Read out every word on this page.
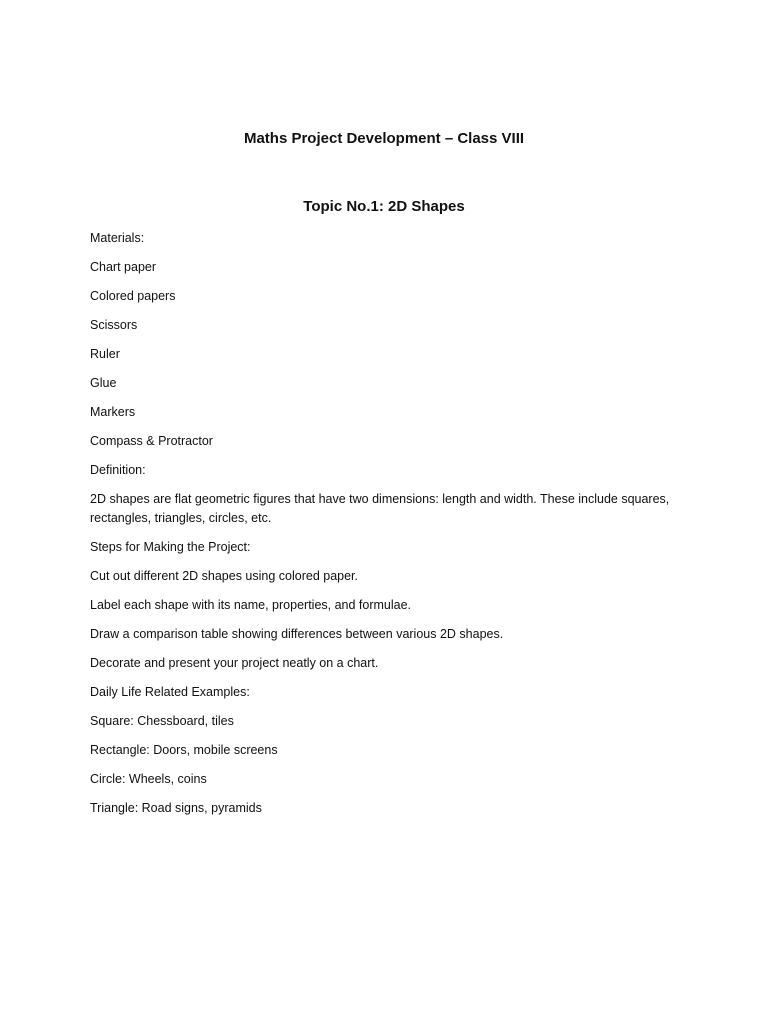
Maths Project Development – Class VIII
Topic No.1: 2D Shapes

Materials:

Chart paper

Colored papers

Scissors

Ruler

Glue

Markers

Compass & Protractor

Definition:

2D shapes are flat geometric figures that have two dimensions: length and width. These include squares, rectangles, triangles, circles, etc.

Steps for Making the Project:

Cut out different 2D shapes using colored paper.

Label each shape with its name, properties, and formulae.

Draw a comparison table showing differences between various 2D shapes.

Decorate and present your project neatly on a chart.

Daily Life Related Examples:

Square: Chessboard, tiles

Rectangle: Doors, mobile screens

Circle: Wheels, coins

Triangle: Road signs, pyramids
